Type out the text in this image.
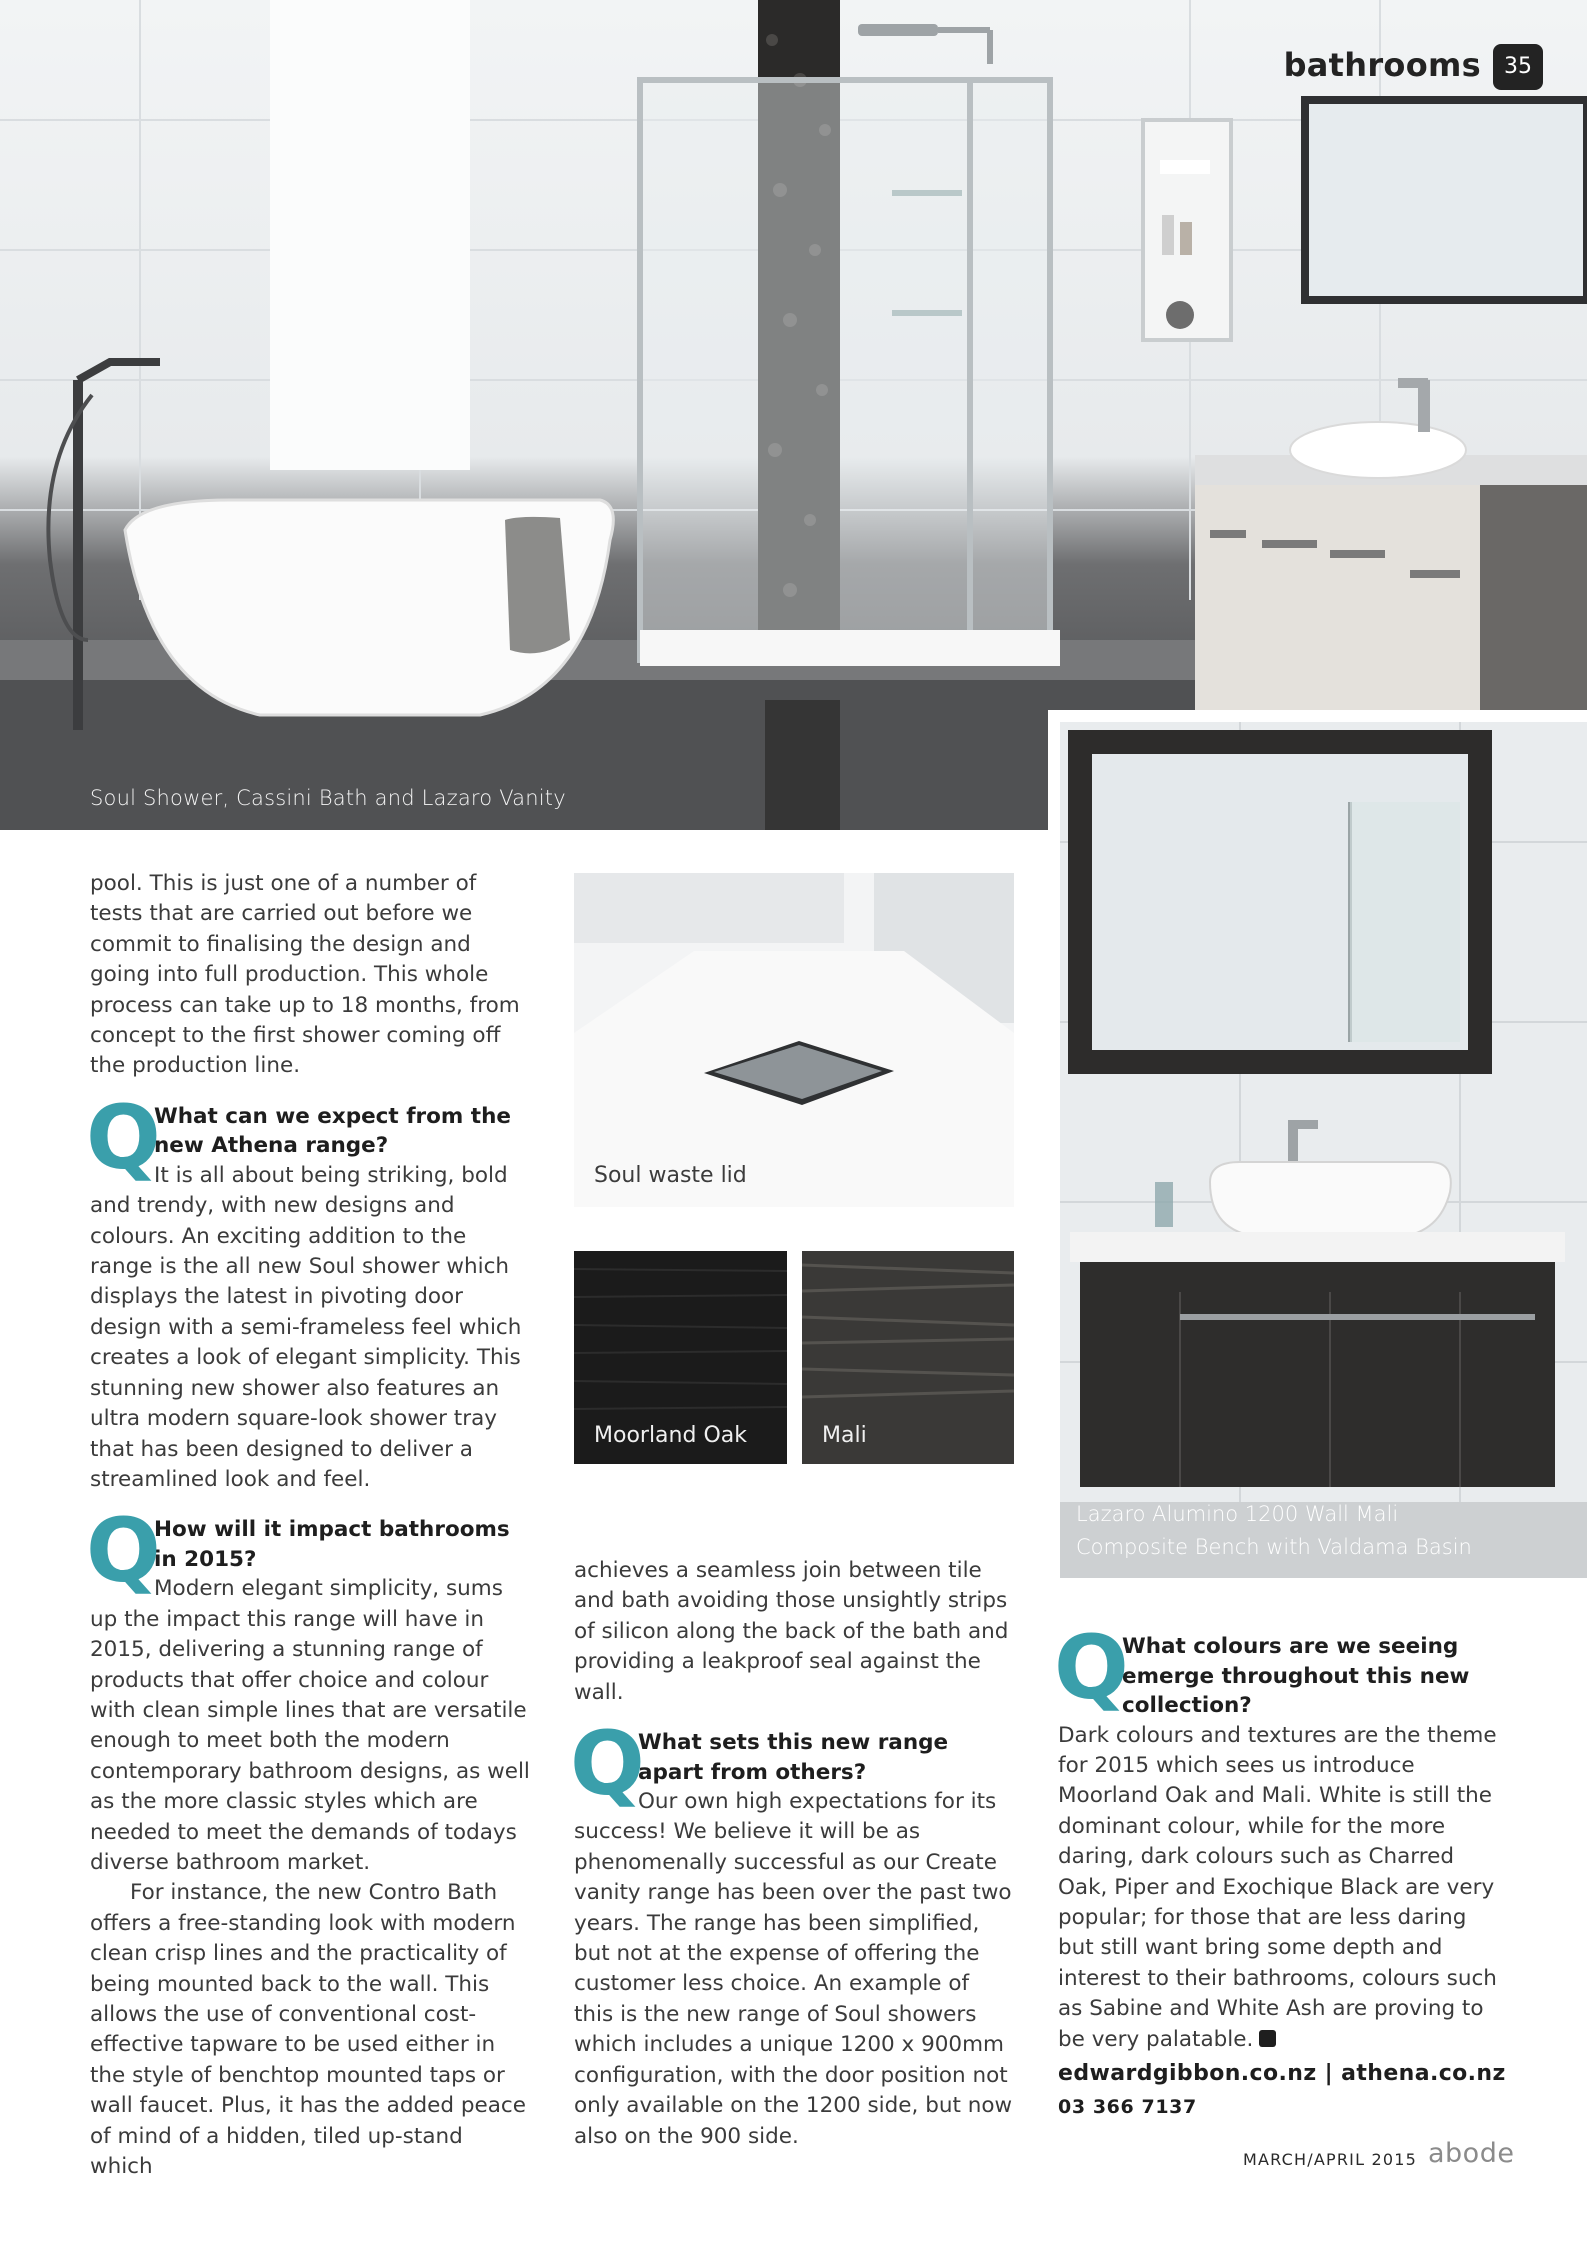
Soul Shower, Cassini Bath and Lazaro Vanity
bathrooms	35
Lazaro Alumino 1200 Wall Mali
Composite Bench with Valdama Basin
Soul waste lid
Moorland Oak	Mali

pool. This is just one of a number of tests that are carried out before we commit to finalising the design and going into full production. This whole process can take up to 18 months, from concept to the first shower coming off the production line.

Q
What can we expect from the new Athena range?

It is all about being striking, bold and trendy, with new designs and colours. An exciting addition to the range is the all new Soul shower which displays the latest in pivoting door design with a semi-frameless feel which creates a look of elegant simplicity. This stunning new shower also features an ultra modern square-look shower tray that has been designed to deliver a streamlined look and feel.

Q
How will it impact bathrooms in 2015?

Modern elegant simplicity, sums up the impact this range will have in 2015, delivering a stunning range of products that offer choice and colour with clean simple lines that are versatile enough to meet both the modern contemporary bathroom designs, as well as the more classic styles which are needed to meet the demands of todays diverse bathroom market.

For instance, the new Contro Bath offers a free-standing look with modern clean crisp lines and the practicality of being mounted back to the wall. This allows the use of conventional cost-effective tapware to be used either in the style of benchtop mounted taps or wall faucet. Plus, it has the added peace of mind of a hidden, tiled up-stand which

achieves a seamless join between tile and bath avoiding those unsightly strips of silicon along the back of the bath and providing a leakproof seal against the wall.

Q
What sets this new range apart from others?

Our own high expectations for its success! We believe it will be as phenomenally successful as our Create vanity range has been over the past two years. The range has been simplified, but not at the expense of offering the customer less choice. An example of this is the new range of Soul showers which includes a unique 1200 x 900mm configuration, with the door position not only available on the 1200 side, but now also on the 900 side.

Q
What colours are we seeing emerge throughout this new collection?

Dark colours and textures are the theme for 2015 which sees us introduce Moorland Oak and Mali. White is still the dominant colour, while for the more daring, dark colours such as Charred Oak, Piper and Exochique Black are very popular; for those that are less daring but still want bring some depth and interest to their bathrooms, colours such as Sabine and White Ash are proving to be very palatable.

edwardgibbon.co.nz | athena.co.nz
03 366 7137
MARCH/APRIL 2015 abode
